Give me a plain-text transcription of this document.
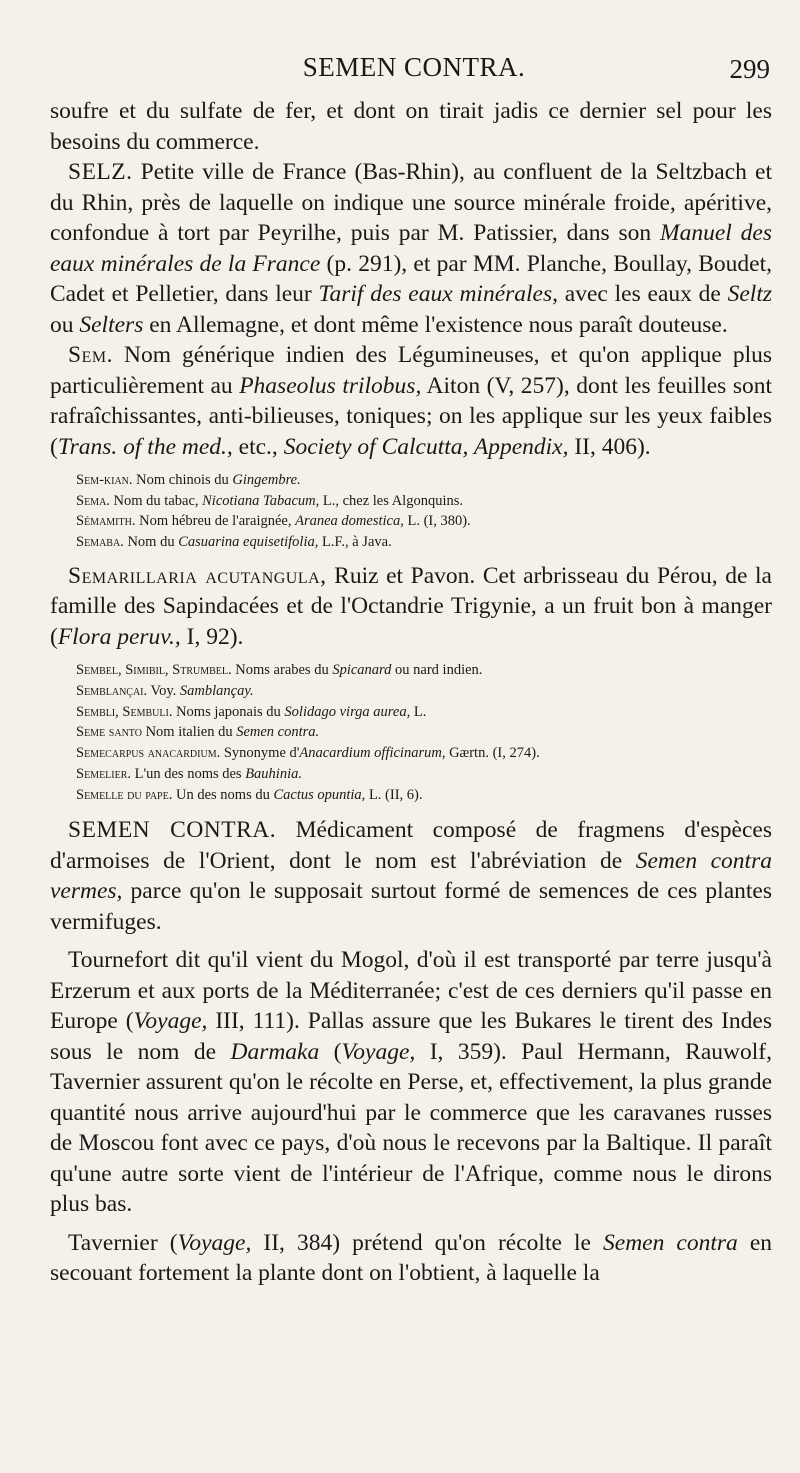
SEMEN CONTRA.	299

soufre et du sulfate de fer, et dont on tirait jadis ce dernier sel pour les besoins du commerce.

SELZ. Petite ville de France (Bas-Rhin), au confluent de la Seltzbach et du Rhin, près de laquelle on indique une source minérale froide, apéritive, confondue à tort par Peyrilhe, puis par M. Patissier, dans son Manuel des eaux minérales de la France (p. 291), et par MM. Planche, Boullay, Boudet, Cadet et Pelletier, dans leur Tarif des eaux minérales, avec les eaux de Seltz ou Selters en Allemagne, et dont même l'existence nous paraît douteuse.

Sem. Nom générique indien des Légumineuses, et qu'on applique plus particulièrement au Phaseolus trilobus, Aiton (V, 257), dont les feuilles sont rafraîchissantes, anti-bilieuses, toniques; on les applique sur les yeux faibles (Trans. of the med., etc., Society of Calcutta, Appendix, II, 406).

Sem-kian. Nom chinois du Gingembre.

Sema. Nom du tabac, Nicotiana Tabacum, L., chez les Algonquins.

Sémamith. Nom hébreu de l'araignée, Aranea domestica, L. (I, 380).

Semaba. Nom du Casuarina equisetifolia, L.F., à Java.

Semarillaria acutangula, Ruiz et Pavon. Cet arbrisseau du Pérou, de la famille des Sapindacées et de l'Octandrie Trigynie, a un fruit bon à manger (Flora peruv., I, 92).

Sembel, Simibil, Strumbel. Noms arabes du Spicanard ou nard indien.

Semblançai. Voy. Samblançay.

Sembli, Sembuli. Noms japonais du Solidago virga aurea, L.

Seme santo Nom italien du Semen contra.

Semecarpus anacardium. Synonyme d'Anacardium officinarum, Gærtn. (I, 274).

Semelier. L'un des noms des Bauhinia.

Semelle du pape. Un des noms du Cactus opuntia, L. (II, 6).

SEMEN CONTRA. Médicament composé de fragmens d'espèces d'armoises de l'Orient, dont le nom est l'abréviation de Semen contra vermes, parce qu'on le supposait surtout formé de semences de ces plantes vermifuges.

Tournefort dit qu'il vient du Mogol, d'où il est transporté par terre jusqu'à Erzerum et aux ports de la Méditerranée; c'est de ces derniers qu'il passe en Europe (Voyage, III, 111). Pallas assure que les Bukares le tirent des Indes sous le nom de Darmaka (Voyage, I, 359). Paul Hermann, Rauwolf, Tavernier assurent qu'on le récolte en Perse, et, effectivement, la plus grande quantité nous arrive aujourd'hui par le commerce que les caravanes russes de Moscou font avec ce pays, d'où nous le recevons par la Baltique. Il paraît qu'une autre sorte vient de l'intérieur de l'Afrique, comme nous le dirons plus bas.

Tavernier (Voyage, II, 384) prétend qu'on récolte le Semen contra en secouant fortement la plante dont on l'obtient, à laquelle la
